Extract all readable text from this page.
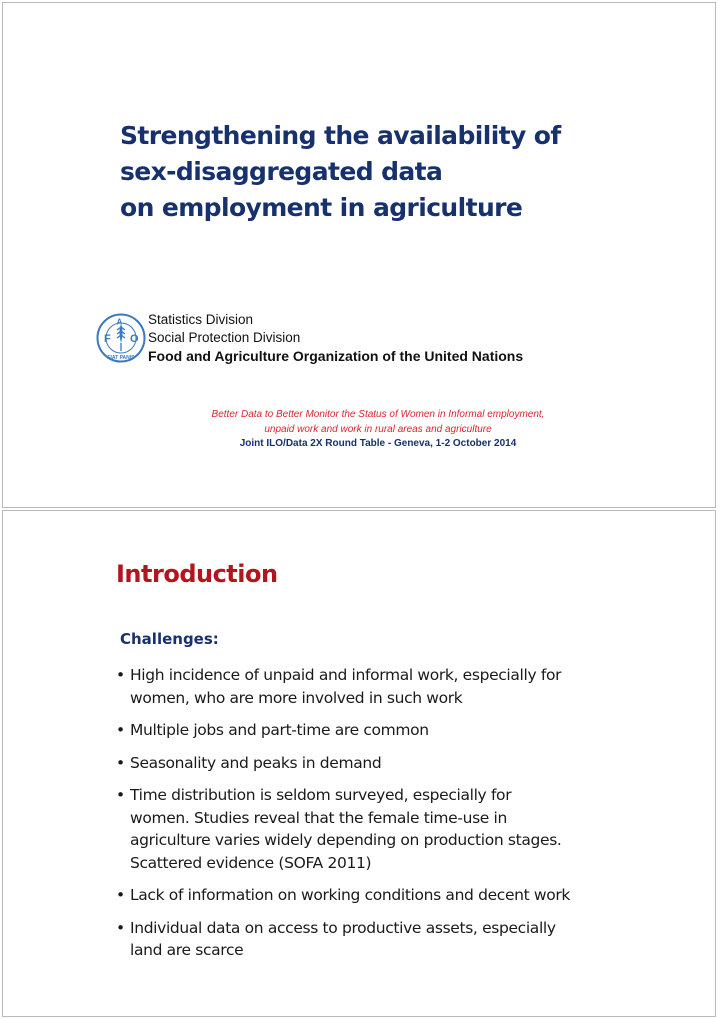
Strengthening the availability of
sex-disaggregated data
on employment in agriculture
F
A
O
FIAT PANIS
Statistics Division
Social Protection Division
Food and Agriculture Organization of the United Nations
Better Data to Better Monitor the Status of Women in Informal employment,
unpaid work and work in rural areas and agriculture
Joint ILO/Data 2X Round Table - Geneva, 1-2 October 2014
Introduction
Challenges:
• High incidence of unpaid and informal work, especially for
women, who are more involved in such work
• Multiple jobs and part-time are common
• Seasonality and peaks in demand
• Time distribution is seldom surveyed, especially for
women. Studies reveal that the female time-use in
agriculture varies widely depending on production stages.
Scattered evidence (SOFA 2011)
• Lack of information on working conditions and decent work
• Individual data on access to productive assets, especially
land are scarce
